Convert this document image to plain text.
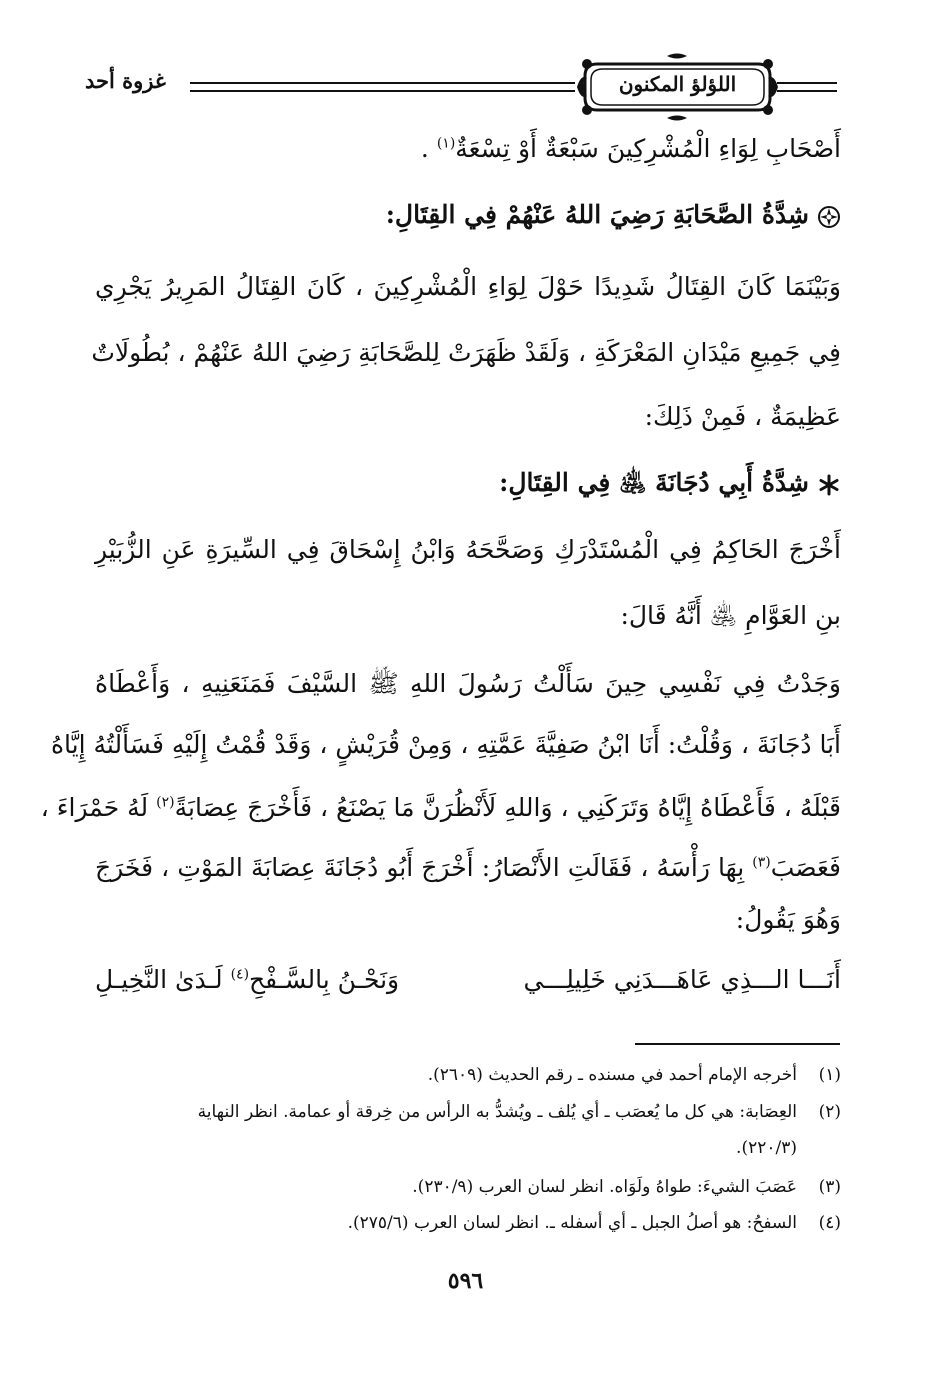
غزوة أحد	اللؤلؤ المكنون
أَصْحَابِ لِوَاءِ الْمُشْرِكِينَ سَبْعَةٌ أَوْ تِسْعَةٌ$^{(١)}$ .
شِدَّةُ الصَّحَابَةِ رَضِيَ اللهُ عَنْهُمْ فِي القِتَالِ:
وَبَيْنَمَا كَانَ القِتَالُ شَدِيدًا حَوْلَ لِوَاءِ الْمُشْرِكِينَ ، كَانَ القِتَالُ المَرِيرُ يَجْرِي
فِي جَمِيعِ مَيْدَانِ المَعْرَكَةِ ، وَلَقَدْ ظَهَرَتْ لِلصَّحَابَةِ رَضِيَ اللهُ عَنْهُمْ ، بُطُولَاتٌ
عَظِيمَةٌ ، فَمِنْ ذَلِكَ:
شِدَّةُ أَبِي دُجَانَةَ ﵁ فِي القِتَالِ:
أَخْرَجَ الحَاكِمُ فِي الْمُسْتَدْرَكِ وَصَحَّحَهُ وَابْنُ إِسْحَاقَ فِي السِّيرَةِ عَنِ الزُّبَيْرِ
بنِ العَوَّامِ ﵁ أَنَّهُ قَالَ:
وَجَدْتُ فِي نَفْسِي حِينَ سَأَلْتُ رَسُولَ اللهِ ﷺ السَّيْفَ فَمَنَعَنِيهِ ، وَأَعْطَاهُ
أَبَا دُجَانَةَ ، وَقُلْتُ: أَنَا ابْنُ صَفِيَّةَ عَمَّتِهِ ، وَمِنْ قُرَيْشٍ ، وَقَدْ قُمْتُ إِلَيْهِ فَسَأَلْتُهُ إِيَّاهُ
قَبْلَهُ ، فَأَعْطَاهُ إِيَّاهُ وَتَرَكَنِي ، وَاللهِ لَأَنْظُرَنَّ مَا يَصْنَعُ ، فَأَخْرَجَ عِصَابَةً$^{(٢)}$ لَهُ حَمْرَاءَ ،
فَعَصَبَ$^{(٣)}$ بِهَا رَأْسَهُ ، فَقَالَتِ الأَنْصَارُ: أَخْرَجَ أَبُو دُجَانَةَ عِصَابَةَ المَوْتِ ، فَخَرَجَ
وَهُوَ يَقُولُ:
أَنَـــا الـــذِي عَاهَـــدَنِي خَلِيلِـــي
وَنَحْـنُ بِالسَّـفْحِ$^{(٤)}$ لَـدَىٰ النَّخِيـلِ
(١)أخرجه الإمام أحمد في مسنده ـ رقم الحديث (٢٦٠٩).
(٢)العِصَابة: هي كل ما يُعصَب ـ أي يُلف ـ ويُشدُّ به الرأس من خِرقة أو عمامة. انظر النهاية
(٢٢٠/٣).
(٣)عَصَبَ الشيءَ: طواهُ ولَوَاه. انظر لسان العرب (٢٣٠/٩).
(٤)السفحُ: هو أصلُ الجبل ـ أي أسفله ـ. انظر لسان العرب (٢٧٥/٦).
٥٩٦
